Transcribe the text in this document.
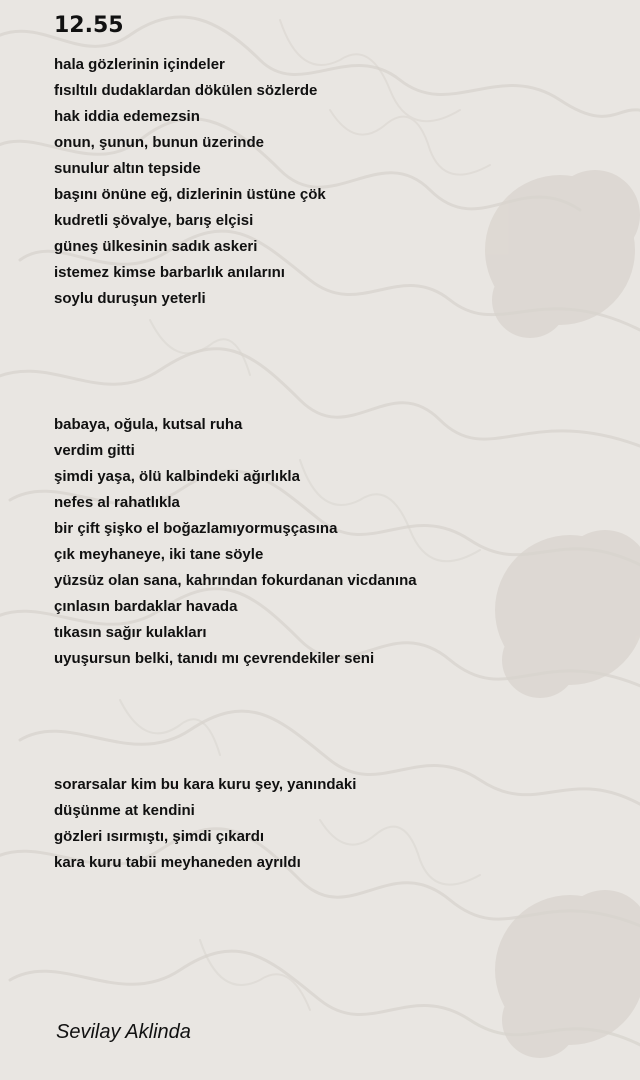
12.55
hala gözlerinin içindeler
fısıltılı dudaklardan dökülen sözlerde
hak iddia edemezsin
onun, şunun, bunun üzerinde
sunulur altın tepside
başını önüne eğ, dizlerinin üstüne çök
kudretli şövalye, barış elçisi
güneş ülkesinin sadık askeri
istemez kimse barbarlık anılarını
soylu duruşun yeterli
babaya, oğula, kutsal ruha
verdim gitti
şimdi yaşa, ölü kalbindeki ağırlıkla
nefes al rahatlıkla
bir çift şişko el boğazlamıyormuşçasına
çık meyhaneye, iki tane söyle
yüzsüz olan sana, kahrından fokurdanan vicdanına
çınlasın bardaklar havada
tıkasın sağır kulakları
uyuşursun belki, tanıdı mı çevrendekiler seni
sorarsalar kim bu kara kuru şey, yanındaki
düşünme at kendini
gözleri ısırmıştı, şimdi çıkardı
kara kuru tabii meyhaneden ayrıldı
Sevilay Aklinda
